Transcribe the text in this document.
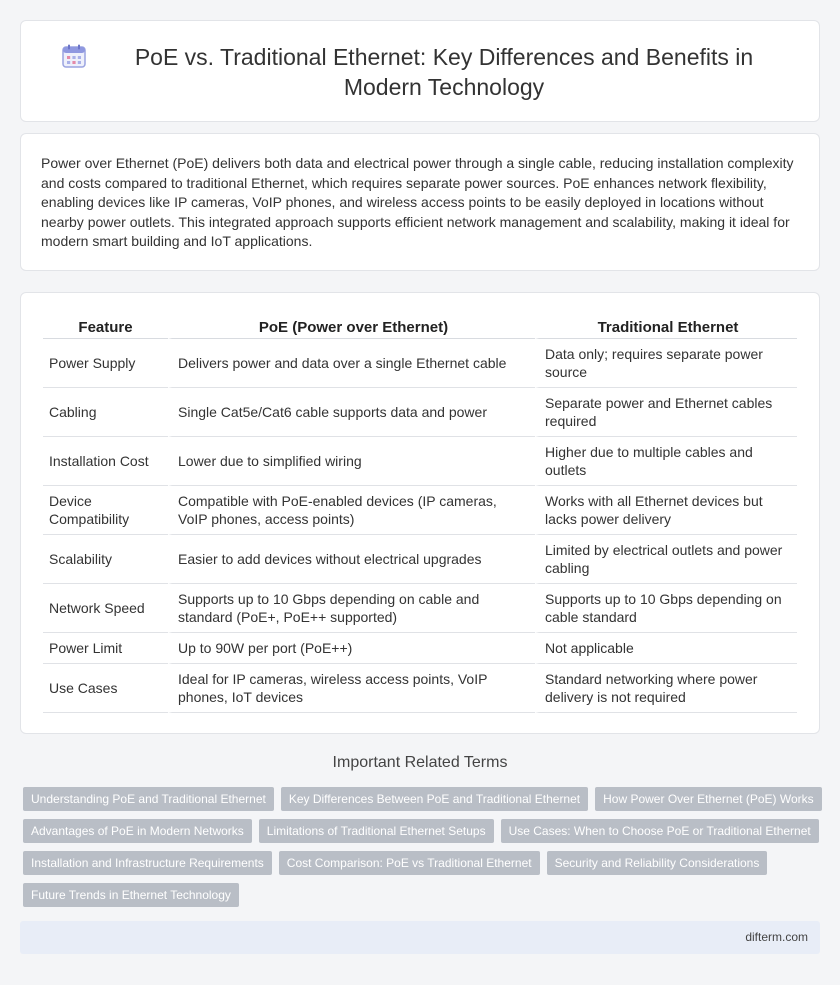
PoE vs. Traditional Ethernet: Key Differences and Benefits in Modern Technology

Power over Ethernet (PoE) delivers both data and electrical power through a single cable, reducing installation complexity and costs compared to traditional Ethernet, which requires separate power sources. PoE enhances network flexibility, enabling devices like IP cameras, VoIP phones, and wireless access points to be easily deployed in locations without nearby power outlets. This integrated approach supports efficient network management and scalability, making it ideal for modern smart building and IoT applications.

Feature	PoE (Power over Ethernet)	Traditional Ethernet
Power Supply	Delivers power and data over a single Ethernet cable	Data only; requires separate power source
Cabling	Single Cat5e/Cat6 cable supports data and power	Separate power and Ethernet cables required
Installation Cost	Lower due to simplified wiring	Higher due to multiple cables and outlets
Device Compatibility	Compatible with PoE-enabled devices (IP cameras, VoIP phones, access points)	Works with all Ethernet devices but lacks power delivery
Scalability	Easier to add devices without electrical upgrades	Limited by electrical outlets and power cabling
Network Speed	Supports up to 10 Gbps depending on cable and standard (PoE+, PoE++ supported)	Supports up to 10 Gbps depending on cable standard
Power Limit	Up to 90W per port (PoE++)	Not applicable
Use Cases	Ideal for IP cameras, wireless access points, VoIP phones, IoT devices	Standard networking where power delivery is not required
Important Related Terms
Understanding PoE and Traditional Ethernet	Key Differences Between PoE and Traditional Ethernet	How Power Over Ethernet (PoE) Works
Advantages of PoE in Modern Networks	Limitations of Traditional Ethernet Setups	Use Cases: When to Choose PoE or Traditional Ethernet
Installation and Infrastructure Requirements	Cost Comparison: PoE vs Traditional Ethernet	Security and Reliability Considerations
Future Trends in Ethernet Technology
difterm.com
